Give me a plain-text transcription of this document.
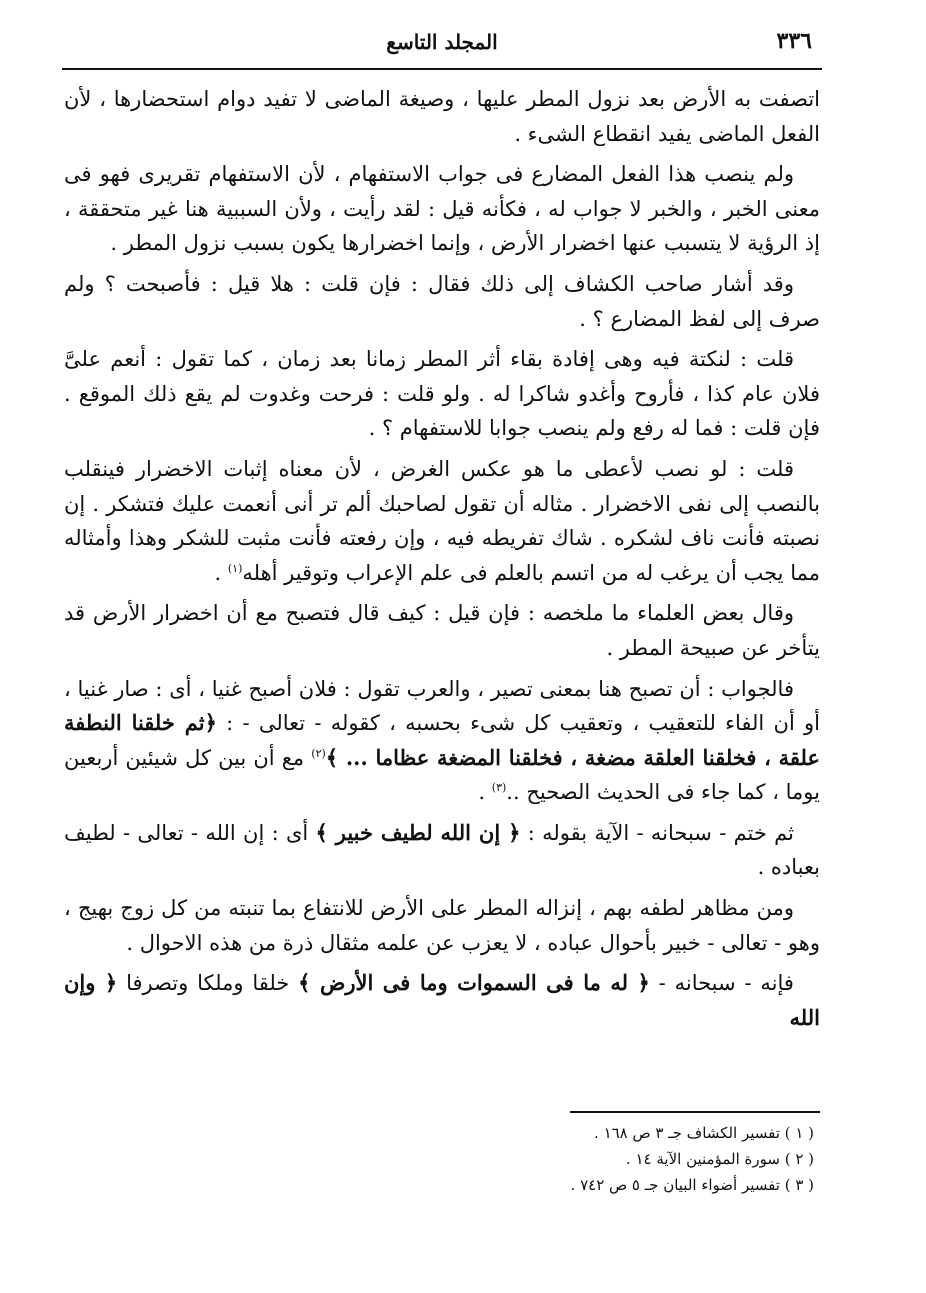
٣٣٦
المجلد التاسع

اتصفت به الأرض بعد نزول المطر عليها ، وصيغة الماضى لا تفيد دوام استحضارها ، لأن الفعل الماضى يفيد انقطاع الشىء .

ولم ينصب هذا الفعل المضارع فى جواب الاستفهام ، لأن الاستفهام تقريرى فهو فى معنى الخبر ، والخبر لا جواب له ، فكأنه قيل : لقد رأيت ، ولأن السببية هنا غير متحققة ، إذ الرؤية لا يتسبب عنها اخضرار الأرض ، وإنما اخضرارها يكون بسبب نزول المطر .

وقد أشار صاحب الكشاف إلى ذلك فقال : فإن قلت : هلا قيل : فأصبحت ؟ ولم صرف إلى لفظ المضارع ؟ .

قلت : لنكتة فيه وهى إفادة بقاء أثر المطر زمانا بعد زمان ، كما تقول : أنعم علىَّ فلان عام كذا ، فأروح وأغدو شاكرا له . ولو قلت : فرحت وغدوت لم يقع ذلك الموقع . فإن قلت : فما له رفع ولم ينصب جوابا للاستفهام ؟ .

قلت : لو نصب لأعطى ما هو عكس الغرض ، لأن معناه إثبات الاخضرار فينقلب بالنصب إلى نفى الاخضرار . مثاله أن تقول لصاحبك ألم تر أنى أنعمت عليك فتشكر . إن نصبته فأنت ناف لشكره . شاك تفريطه فيه ، وإن رفعته فأنت مثبت للشكر وهذا وأمثاله مما يجب أن يرغب له من اتسم بالعلم فى علم الإعراب وتوقير أهله$^{(١)}$ .

وقال بعض العلماء ما ملخصه : فإن قيل : كيف قال فتصبح مع أن اخضرار الأرض قد يتأخر عن صبيحة المطر .

فالجواب : أن تصبح هنا بمعنى تصير ، والعرب تقول : فلان أصبح غنيا ، أى : صار غنيا ، أو أن الفاء للتعقيب ، وتعقيب كل شىء بحسبه ، كقوله - تعالى - : ﴿ثم خلقنا النطفة علقة ، فخلقنا العلقة مضغة ، فخلقنا المضغة عظاما ... ﴾$^{(٢)}$ مع أن بين كل شيئين أربعين يوما ، كما جاء فى الحديث الصحيح ..$^{(٣)}$ .

ثم ختم - سبحانه - الآية بقوله : ﴿ إن الله لطيف خبير ﴾ أى : إن الله - تعالى - لطيف بعباده .

ومن مظاهر لطفه بهم ، إنزاله المطر على الأرض للانتفاع بما تنبته من كل زوج بهيج ، وهو - تعالى - خبير بأحوال عباده ، لا يعزب عن علمه مثقال ذرة من هذه الاحوال .

فإنه - سبحانه - ﴿ له ما فى السموات وما فى الأرض ﴾ خلقا وملكا وتصرفا ﴿ وإن الله

( ١ ) تفسير الكشاف جـ ٣ ص ١٦٨ .
( ٢ ) سورة المؤمنين الآية ١٤ .
( ٣ ) تفسير أضواء البيان جـ ٥ ص ٧٤٢ .
